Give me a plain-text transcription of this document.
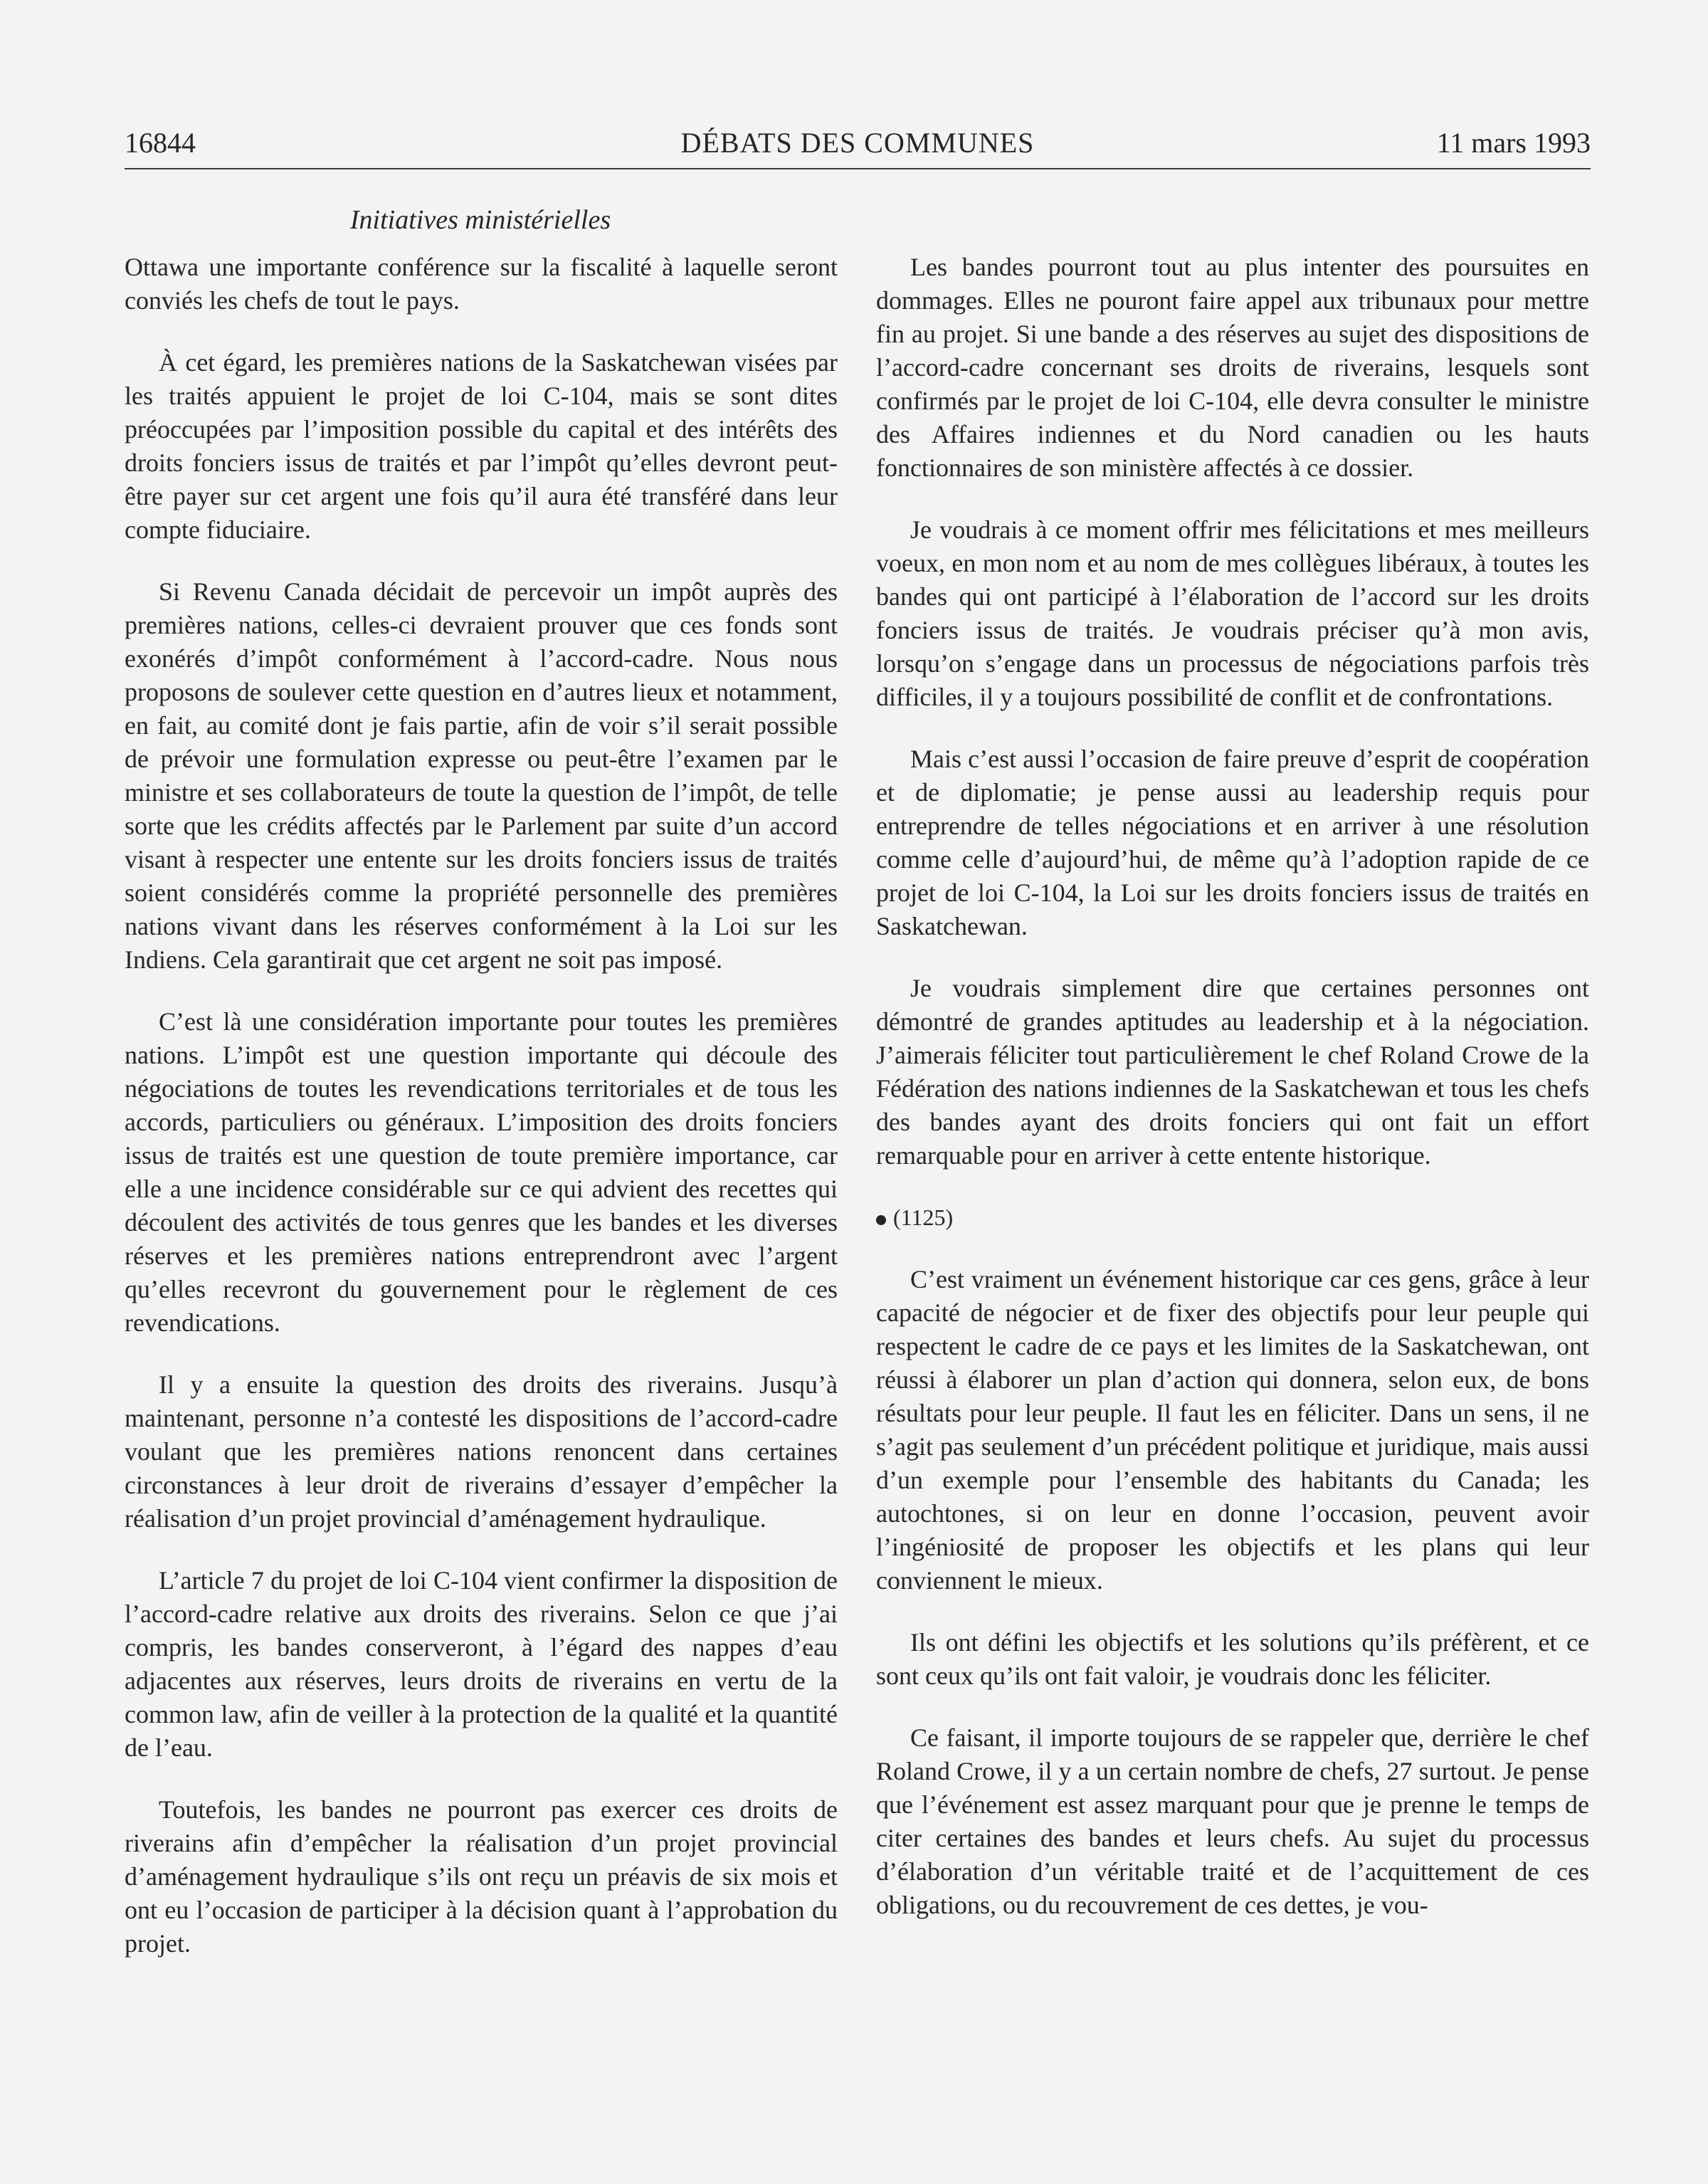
16844	DÉBATS DES COMMUNES	11 mars 1993
Initiatives ministérielles

Ottawa une importante conférence sur la fiscalité à laquelle seront conviés les chefs de tout le pays.

À cet égard, les premières nations de la Saskatchewan visées par les traités appuient le projet de loi C-104, mais se sont dites préoccupées par l’imposition possible du capital et des intérêts des droits fonciers issus de traités et par l’impôt qu’elles devront peut-être payer sur cet argent une fois qu’il aura été transféré dans leur compte fiduciaire.

Si Revenu Canada décidait de percevoir un impôt auprès des premières nations, celles-ci devraient prouver que ces fonds sont exonérés d’impôt conformément à l’accord-cadre. Nous nous proposons de soulever cette question en d’autres lieux et notamment, en fait, au comité dont je fais partie, afin de voir s’il serait possible de prévoir une formulation expresse ou peut-être l’examen par le ministre et ses collaborateurs de toute la question de l’impôt, de telle sorte que les crédits affectés par le Parlement par suite d’un accord visant à respecter une entente sur les droits fonciers issus de traités soient considérés comme la propriété personnelle des premières nations vivant dans les réserves conformément à la Loi sur les Indiens. Cela garantirait que cet argent ne soit pas imposé.

C’est là une considération importante pour toutes les premières nations. L’impôt est une question importante qui découle des négociations de toutes les revendications territoriales et de tous les accords, particuliers ou généraux. L’imposition des droits fonciers issus de traités est une question de toute première importance, car elle a une incidence considérable sur ce qui advient des recettes qui découlent des activités de tous genres que les bandes et les diverses réserves et les premières nations entreprendront avec l’argent qu’elles recevront du gouvernement pour le règlement de ces revendications.

Il y a ensuite la question des droits des riverains. Jusqu’à maintenant, personne n’a contesté les dispositions de l’accord-cadre voulant que les premières nations renoncent dans certaines circonstances à leur droit de riverains d’essayer d’empêcher la réalisation d’un projet provincial d’aménagement hydraulique.

L’article 7 du projet de loi C-104 vient confirmer la disposition de l’accord-cadre relative aux droits des riverains. Selon ce que j’ai compris, les bandes conserveront, à l’égard des nappes d’eau adjacentes aux réserves, leurs droits de riverains en vertu de la common law, afin de veiller à la protection de la qualité et la quantité de l’eau.

Toutefois, les bandes ne pourront pas exercer ces droits de riverains afin d’empêcher la réalisation d’un projet provincial d’aménagement hydraulique s’ils ont reçu un préavis de six mois et ont eu l’occasion de participer à la décision quant à l’approbation du projet.

Les bandes pourront tout au plus intenter des poursuites en dommages. Elles ne pouront faire appel aux tribunaux pour mettre fin au projet. Si une bande a des réserves au sujet des dispositions de l’accord-cadre concernant ses droits de riverains, lesquels sont confirmés par le projet de loi C-104, elle devra consulter le ministre des Affaires indiennes et du Nord canadien ou les hauts fonctionnaires de son ministère affectés à ce dossier.

Je voudrais à ce moment offrir mes félicitations et mes meilleurs voeux, en mon nom et au nom de mes collègues libéraux, à toutes les bandes qui ont participé à l’élaboration de l’accord sur les droits fonciers issus de traités. Je voudrais préciser qu’à mon avis, lorsqu’on s’engage dans un processus de négociations parfois très difficiles, il y a toujours possibilité de conflit et de confrontations.

Mais c’est aussi l’occasion de faire preuve d’esprit de coopération et de diplomatie; je pense aussi au leadership requis pour entreprendre de telles négociations et en arriver à une résolution comme celle d’aujourd’hui, de même qu’à l’adoption rapide de ce projet de loi C-104, la Loi sur les droits fonciers issus de traités en Saskatchewan.

Je voudrais simplement dire que certaines personnes ont démontré de grandes aptitudes au leadership et à la négociation. J’aimerais féliciter tout particulièrement le chef Roland Crowe de la Fédération des nations indiennes de la Saskatchewan et tous les chefs des bandes ayant des droits fonciers qui ont fait un effort remarquable pour en arriver à cette entente historique.

(1125)

C’est vraiment un événement historique car ces gens, grâce à leur capacité de négocier et de fixer des objectifs pour leur peuple qui respectent le cadre de ce pays et les limites de la Saskatchewan, ont réussi à élaborer un plan d’action qui donnera, selon eux, de bons résultats pour leur peuple. Il faut les en féliciter. Dans un sens, il ne s’agit pas seulement d’un précédent politique et juridique, mais aussi d’un exemple pour l’ensemble des habitants du Canada; les autochtones, si on leur en donne l’occasion, peuvent avoir l’ingéniosité de proposer les objectifs et les plans qui leur conviennent le mieux.

Ils ont défini les objectifs et les solutions qu’ils préfèrent, et ce sont ceux qu’ils ont fait valoir, je voudrais donc les féliciter.

Ce faisant, il importe toujours de se rappeler que, derrière le chef Roland Crowe, il y a un certain nombre de chefs, 27 surtout. Je pense que l’événement est assez marquant pour que je prenne le temps de citer certaines des bandes et leurs chefs. Au sujet du processus d’élaboration d’un véritable traité et de l’acquittement de ces obligations, ou du recouvrement de ces dettes, je vou-
